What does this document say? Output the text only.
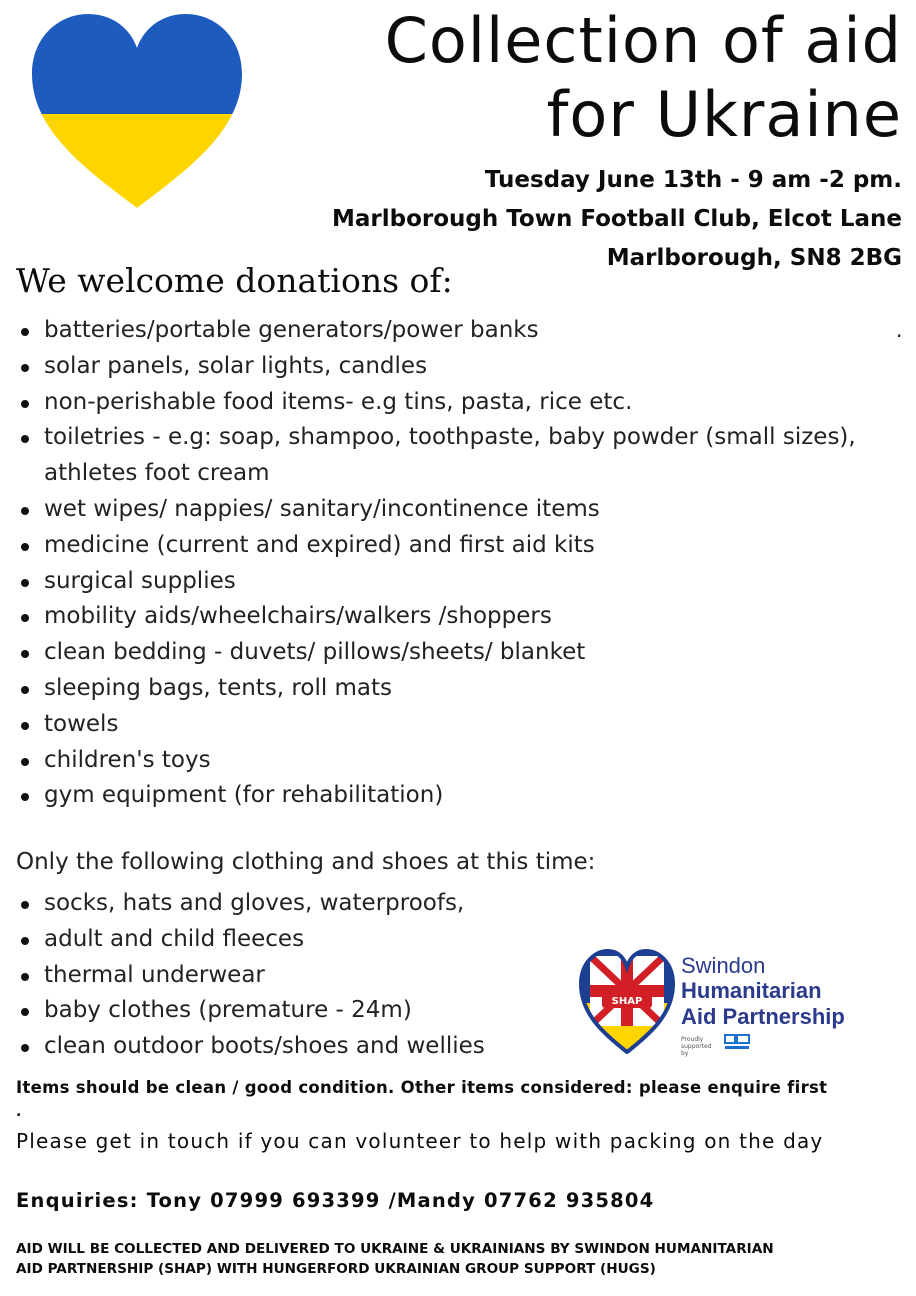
Collection of aid
for Ukraine
Tuesday June 13th - 9 am -2 pm.
Marlborough Town Football Club, Elcot Lane
Marlborough, SN8 2BG
We welcome donations of:
.
batteries/portable generators/power banks
solar panels, solar lights, candles
non-perishable food items- e.g tins, pasta, rice etc.
toiletries - e.g: soap, shampoo, toothpaste, baby powder (small sizes), athletes foot cream
wet wipes/ nappies/ sanitary/incontinence items
medicine (current and expired) and first aid kits
surgical supplies
mobility aids/wheelchairs/walkers /shoppers
clean bedding - duvets/ pillows/sheets/ blanket
sleeping bags, tents, roll mats
towels
children's toys
gym equipment (for rehabilitation)
Only the following clothing and shoes at this time:
socks, hats and gloves, waterproofs,
adult and child fleeces
thermal underwear
baby clothes (premature - 24m)
clean outdoor boots/shoes and wellies
SHAP
Swindon
Humanitarian
Aid Partnership
Proudly supported by
Items should be clean / good condition. Other items considered: please enquire first
.
Please get in touch if you can volunteer to help with packing on the day
Enquiries: Tony 07999 693399 /Mandy 07762 935804
AID WILL BE COLLECTED AND DELIVERED TO UKRAINE & UKRAINIANS BY SWINDON HUMANITARIAN
AID PARTNERSHIP (SHAP) WITH HUNGERFORD UKRAINIAN GROUP SUPPORT (HUGS)
